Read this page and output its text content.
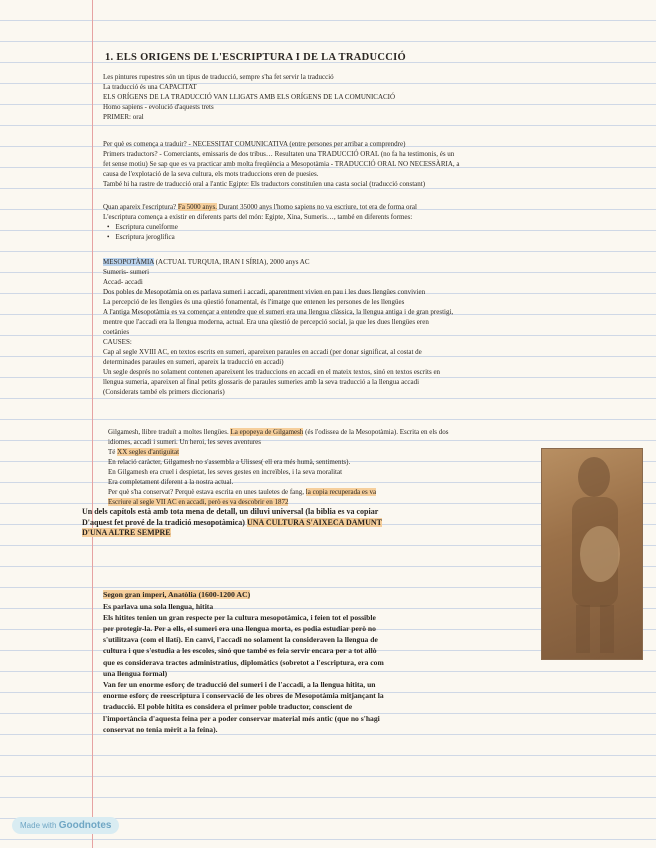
1. ELS ORIGENS DE L'ESCRIPTURA I DE LA TRADUCCIÓ
Les pintures rupestres són un tipus de traducció, sempre s'ha fet servir la traducció
La traducció és una CAPACITAT
ELS ORÍGENS DE LA TRADUCCIÓ VAN LLIGATS AMB ELS ORÍGENS DE LA COMUNICACIÓ
Homo sapiens - evolució d'aquests trets
PRIMER: oral
Per què es comença a traduir? - NECESSITAT COMUNICATIVA (entre persones per arribar a comprendre)
Primers traductors? - Comerciants, emissaris de dos tribus… Resultaten una TRADUCCIÓ ORAL (no fa ha testimonis, és un
fet sense motiu) Se sap que es va practicar amb molta freqüència a Mesopotàmia - TRADUCCIÓ ORAL NO NECESSÀRIA, a
causa de l'explotació de la seva cultura, els mots traduccions eren de puesies.
També hi ha rastre de traducció oral a l'antic Egipte: Els traductors constituïen una casta social (traducció constant)
Quan apareix l'escriptura? Fa 5000 anys. Durant 35000 anys l'homo sapiens no va escriure, tot era de forma oral
L'escriptura comença a existir en diferents parts del món: Egipte, Xina, Sumeris…, també en diferents formes:
• Escriptura cuneïforme
• Escriptura jeroglífica
MESOPOTÀMIA (ACTUAL TURQUIA, IRAN I SÍRIA), 2000 anys AC
Sumeris- sumeri
Accad- accadi
Dos pobles de Mesopotàmia on es parlava sumeri i accadi, aparentment vivien en pau i les dues llengües convivien
La percepció de les llengües és una qüestió fonamental, és l'imatge que entenen les persones de les llengües
A l'antiga Mesopotàmia es va començar a entendre que el sumeri era una llengua clàssica, la llengua antiga i de gran prestigi,
mentre que l'accadi era la llengua moderna, actual. Era una qüestió de percepció social, ja que les dues llengües eren
coetànies
CAUSES:
Cap al segle XVIII AC, en textos escrits en sumeri, apareixen paraules en accadi (per donar significat, al costat de
determinades paraules en sumeri, apareix la traducció en accadi)
Un segle després no solament contenen apareixent les traduccions en accadi en el mateix textos, sinó en textos escrits en
llengua sumeria, apareixen al final petits glossaris de paraules sumeries amb la seva traducció a la llengua accadi
(Considerats també els primers diccionaris)
Gilgamesh, llibre traduït a moltes llengües. La epopeya de Gilgamesh (és l'odissea de la Mesopotàmia). Escrita en els dos
idiomes, accadi i sumeri. Un heroi, les seves aventures
Té XX segles d'antiguitat
En relació caràcter, Gilgamesh no s'assembla a Ulisses( ell era més humà, sentiments).
En Gilgamesh era cruel i despietat, les seves gestes en increïbles, i la seva moralitat
Era completament diferent a la nostra actual.
Per què s'ha conservat? Perquè estava escrita en unes tauletes de fang, la copia recuperada es va
Escriure al segle VII AC en accadi, però es va descobrir en 1872
Un dels capítols està amb tota mena de detall, un diluvi universal (la biblia es va copiar
D'aquest fet prové de la tradició mesopotàmica) UNA CULTURA S'AIXECA DAMUNT
D'UNA ALTRE SEMPRE
Segon gran imperi, Anatòlia (1600-1200 AC)
Es parlava una sola llengua, hitita
Els hitites tenien un gran respecte per la cultura mesopotàmica, i feien tot el possible
per protegir-la. Per a ells, el sumeri era una llengua morta, es podia estudiar però no
s'utilitzava (com el llatí). En canvi, l'accadi no solament la consideraven la llengua de
cultura i que s'estudia a les escoles, sinó que també es feia servir encara per a tot allò
que es considerava tractes administratius, diplomàtics (sobretot a l'escriptura, era com
una llengua formal)
Van fer un enorme esforç de traducció del sumeri i de l'accadi, a la llengua hitita, un
enorme esforç de reescriptura i conservació de les obres de Mesopotàmia mitjançant la
traducció. El poble hitita es considera el primer poble traductor, conscient de
l'importància d'aquesta feina per a poder conservar material més antic (que no s'hagi
conservat no tenia mèrit a la feina).
Made with Goodnotes
